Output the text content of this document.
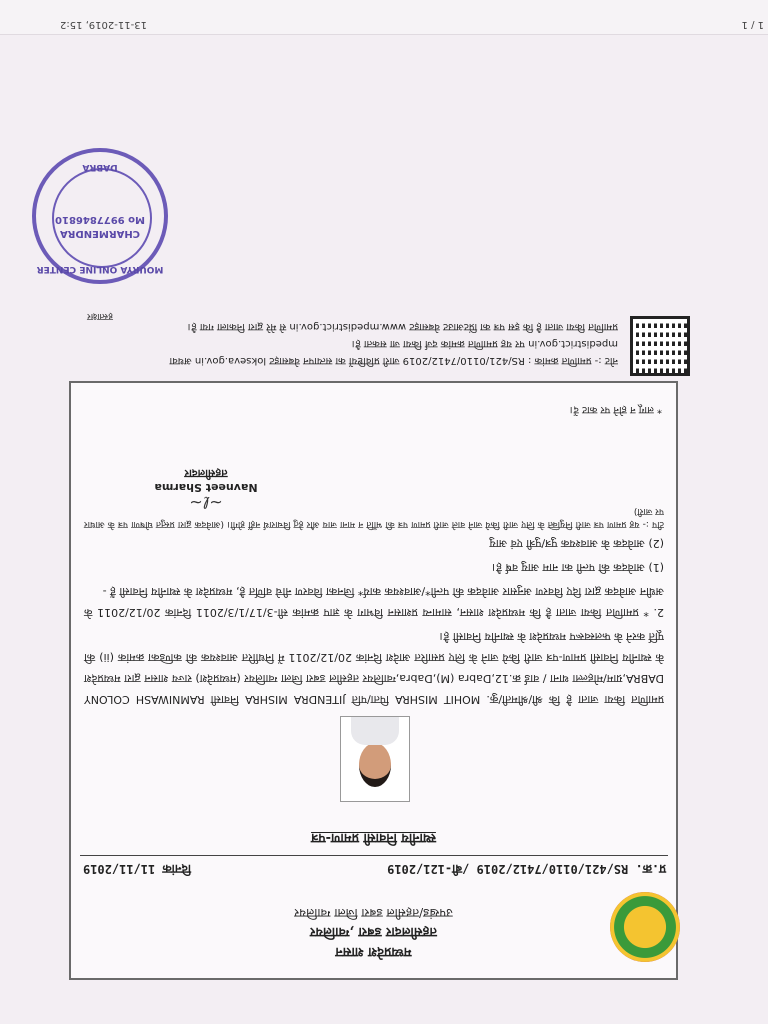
मध्यप्रदेश शासन
तहसीलदार डबरा ,ग्वालियर
उपखंड/तहसील डबरा जिला ग्वालियर
प्र.क्र. RS/421/0110/7412/2019 /बी-121/2019
दिनांक 11/11/2019
स्थानीय निवासी प्रमाण-पत्र

प्रमाणित किया जाता है कि श्री/श्रीमती/कु. MOHIT MISHRA पिता/पति JITENDRA MISHRA निवासी RAMNIWASH COLONY DABRA,ग्राम/मोहल्ला थाना / वार्ड क्र.12,Dabra (M),Dabra,ग्वालियर तहसील डबरा जिला ग्वालियर (मध्यप्रदेश) राज्य शासन द्वारा मध्यप्रदेश के स्थानीय निवासी प्रमाण-पत्र जारी किये जाने के लिए प्रसारित आदेश दिनांक 20/12/2011 में निर्धारित आवश्यक की कण्डिका क्रमांक (ii) की पूर्ति करने के फलस्वरूप मध्यप्रदेश के स्थानीय निवासी है।

2. * प्रमाणित किया जाता है कि मध्यप्रदेश शासन, सामान्य प्रशासन विभाग के ज्ञाप क्रमांक सी-3/17/1/3/2011 दिनांक 20/12/2011 के अधीन आवेदक द्वारा दिए विवरण अनुसार आवेदक की पत्नी*/आवश्यक कार्य* जिनका विवरण नीचे वर्णित है, मध्यप्रदेश के स्थानीय निवासी हैं -

(1) आवेदक की पत्नी का नाम आयु वर्ष है।

(2) आवेदक के आवश्यक पुत्र/पुत्री एवं आयु

टीप :- यह प्रमाण पत्र जारी नियुक्ति के लिए जारी किये जाने वाले जारी प्रमाण पत्र की भाँति न माना जाय और हेतु विचारार्थ नहीं होगी। (आवेदक द्वारा प्रस्तुत घोषणा पत्र के आधार पर जारी)

~ℓ~
Navneet Sharma
तहसीलदार
* लागू न होने पर काट दें।
नोट :- प्रमाणित क्रमांक : RS/421/0110/7412/2019 जारी प्रविष्टियों का सत्यापन वेबसाइट lokseva.gov.in अथवा
mpedistrict.gov.in पर यह प्रमाणित क्रमांक दर्ज किया जा सकता है।
प्रमाणित किया जाता है कि इस पत्र का प्रिंटआउट वेबसाइट www.mpedistrict.gov.in से मेरे द्वारा निकाला गया है।
हस्ताक्षर
MOURYA ONLINE CENTER
CHARMENDRA
Mo 9977846810
DABRA
1 / 1
13-11-2019, 15:2
